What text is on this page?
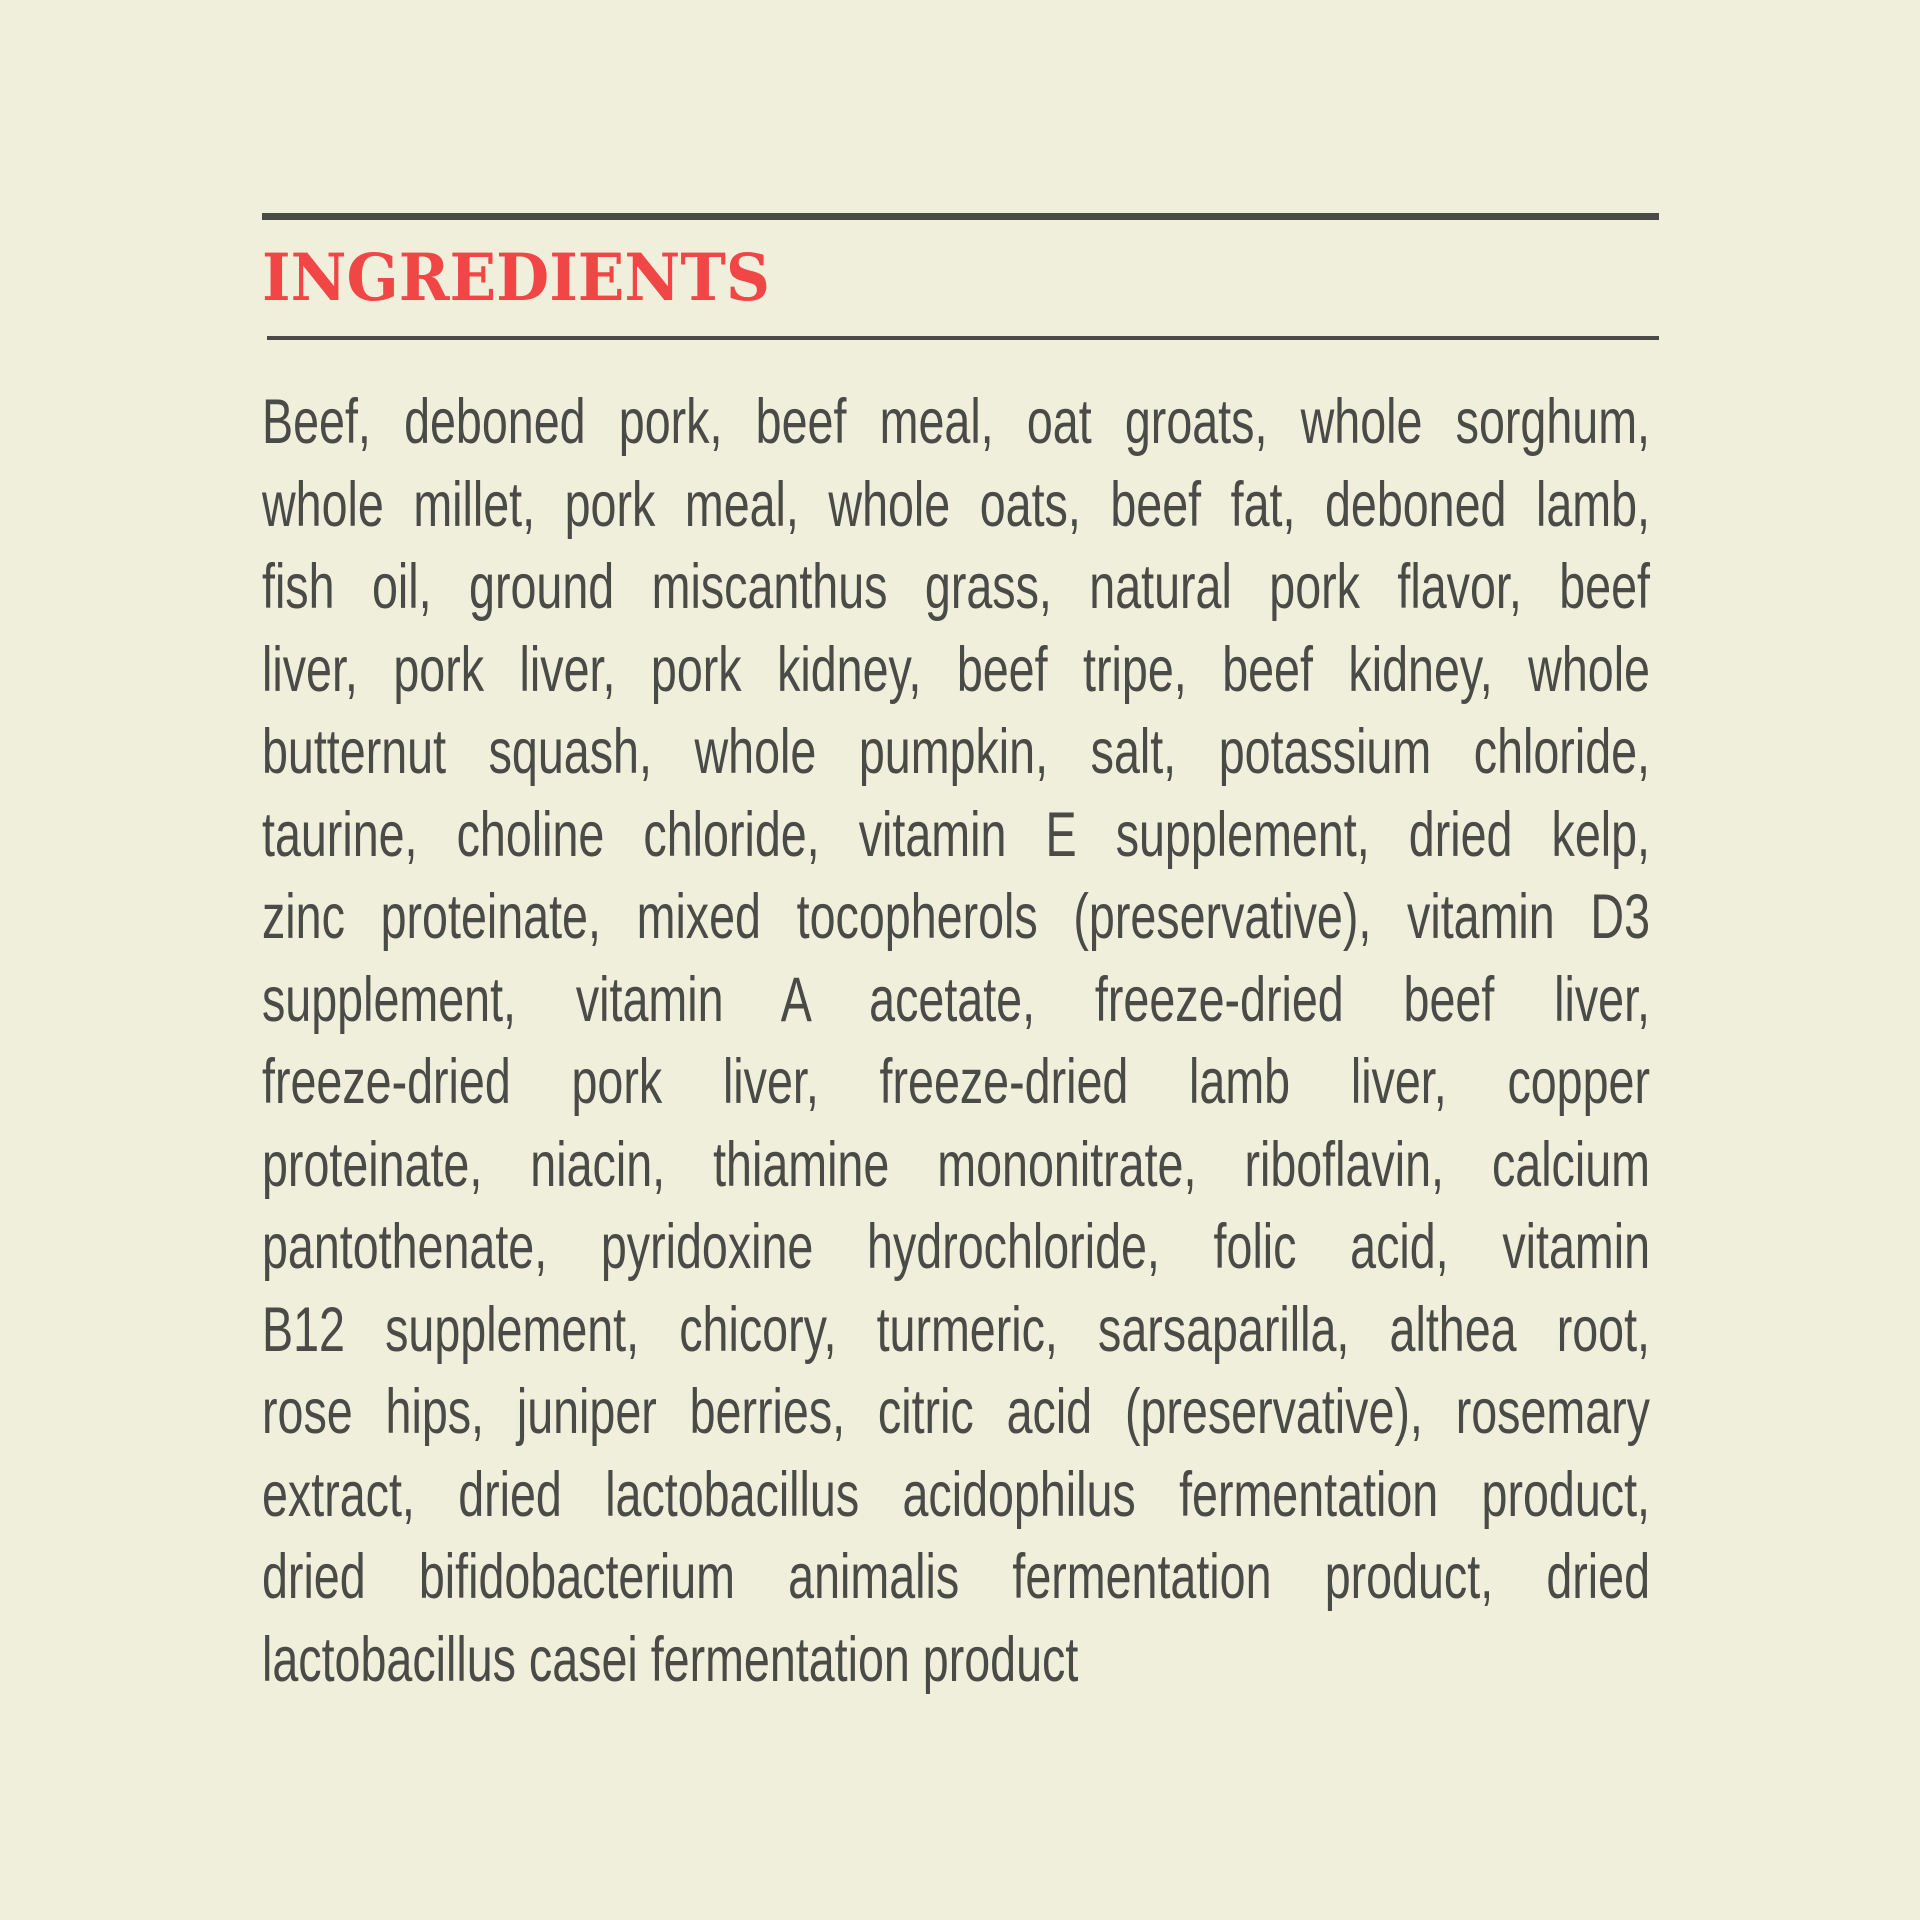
INGREDIENTS
Beef, deboned pork, beef meal, oat groats, whole sorghum,
whole millet, pork meal, whole oats, beef fat, deboned lamb,
fish oil, ground miscanthus grass, natural pork flavor, beef
liver, pork liver, pork kidney, beef tripe, beef kidney, whole
butternut squash, whole pumpkin, salt, potassium chloride,
taurine, choline chloride, vitamin E supplement, dried kelp,
zinc proteinate, mixed tocopherols (preservative), vitamin D3
supplement, vitamin A acetate, freeze-dried beef liver,
freeze-dried pork liver, freeze-dried lamb liver, copper
proteinate, niacin, thiamine mononitrate, riboflavin, calcium
pantothenate, pyridoxine hydrochloride, folic acid, vitamin
B12 supplement, chicory, turmeric, sarsaparilla, althea root,
rose hips, juniper berries, citric acid (preservative), rosemary
extract, dried lactobacillus acidophilus fermentation product,
dried bifidobacterium animalis fermentation product, dried
lactobacillus casei fermentation product
